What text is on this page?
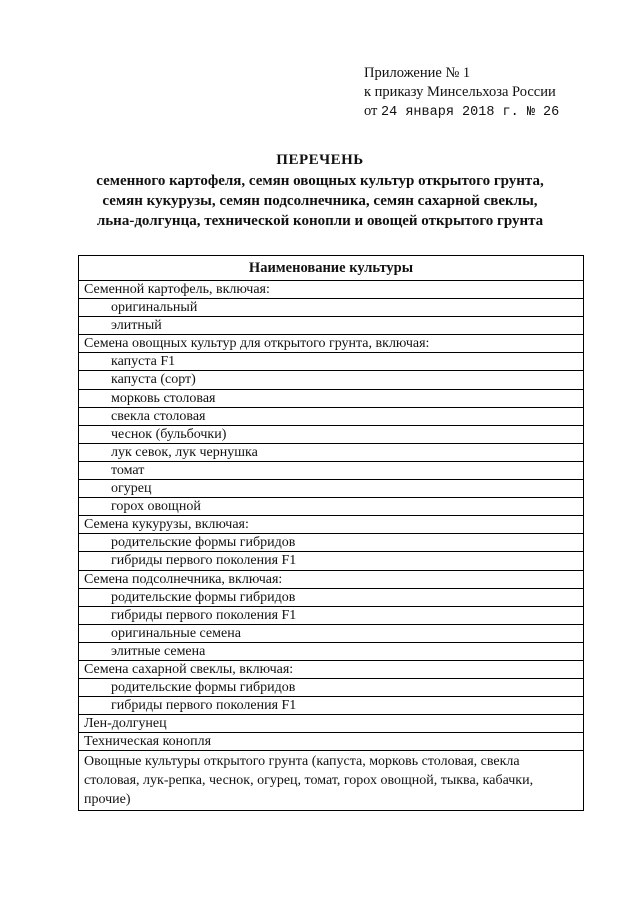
Приложение № 1
к приказу Минсельхоза России
от 24 января 2018 г. № 26
ПЕРЕЧЕНЬ
семенного картофеля, семян овощных культур открытого грунта,
семян кукурузы, семян подсолнечника, семян сахарной свеклы,
льна-долгунца, технической конопли и овощей открытого грунта
Наименование культуры
Семенной картофель, включая:
оригинальный
элитный
Семена овощных культур для открытого грунта, включая:
капуста F1
капуста (сорт)
морковь столовая
свекла столовая
чеснок (бульбочки)
лук севок, лук чернушка
томат
огурец
горох овощной
Семена кукурузы, включая:
родительские формы гибридов
гибриды первого поколения F1
Семена подсолнечника, включая:
родительские формы гибридов
гибриды первого поколения F1
оригинальные семена
элитные семена
Семена сахарной свеклы, включая:
родительские формы гибридов
гибриды первого поколения F1
Лен-долгунец
Техническая конопля
Овощные культуры открытого грунта (капуста, морковь столовая, свекла столовая, лук-репка, чеснок, огурец, томат, горох овощной, тыква, кабачки, прочие)
